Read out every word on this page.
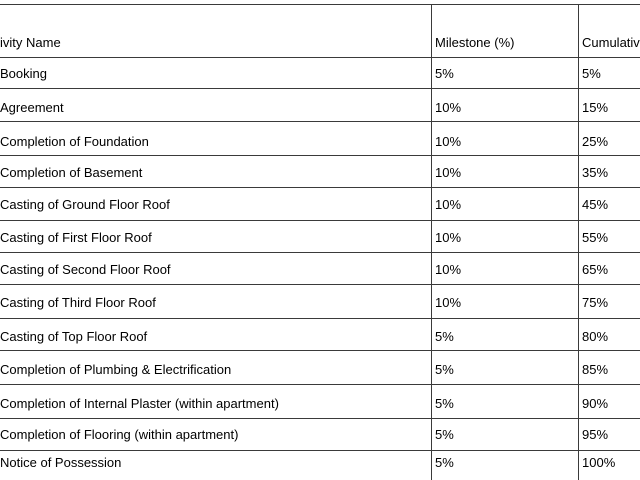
ivity Name	Milestone (%)	Cumulativ
Booking	5%	5%
Agreement	10%	15%
Completion of Foundation	10%	25%
Completion of Basement	10%	35%
Casting of Ground Floor Roof	10%	45%
Casting of First Floor Roof	10%	55%
Casting of Second Floor Roof	10%	65%
Casting of Third Floor Roof	10%	75%
Casting of Top Floor Roof	5%	80%
Completion of Plumbing & Electrification	5%	85%
Completion of Internal Plaster (within apartment)	5%	90%
Completion of Flooring (within apartment)	5%	95%
Notice of Possession	5%	100%
